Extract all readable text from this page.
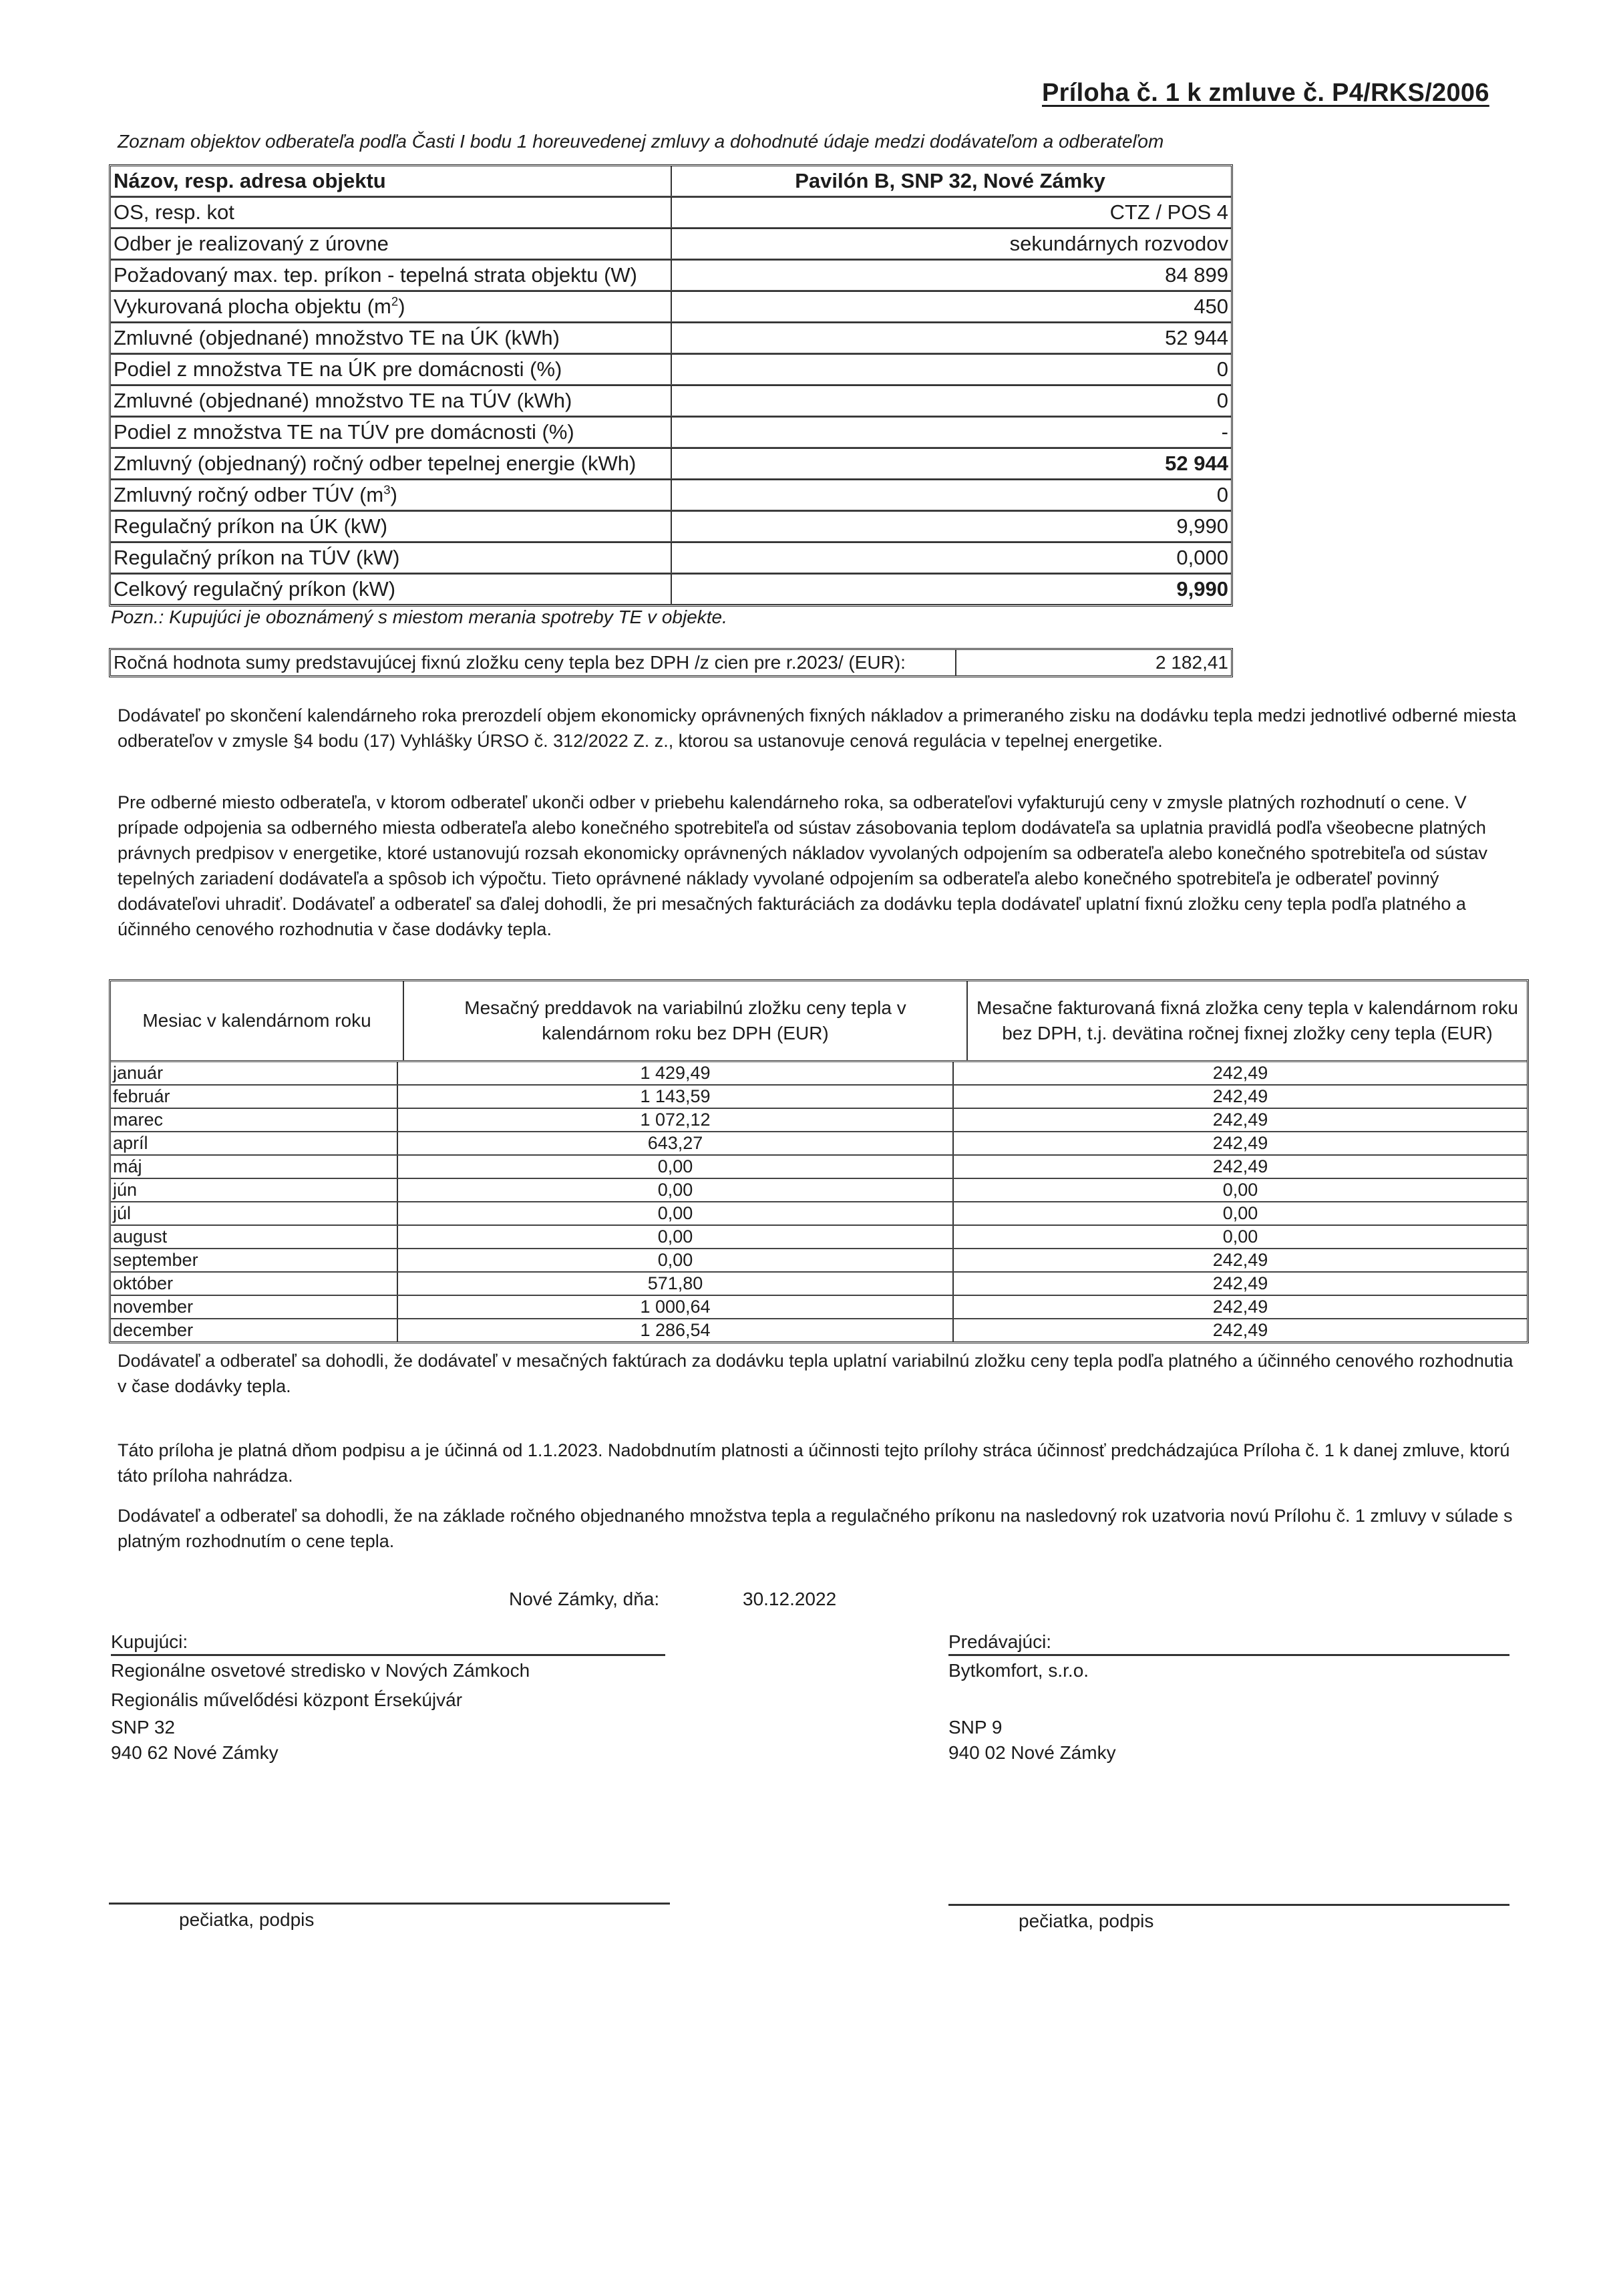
Príloha č. 1 k zmluve č. P4/RKS/2006
Zoznam objektov odberateľa podľa Časti I bodu 1 horeuvedenej zmluvy a dohodnuté údaje medzi dodávateľom a odberateľom
Názov, resp. adresa objektu	Pavilón B, SNP 32, Nové Zámky
OS, resp. kot	CTZ / POS 4
Odber je realizovaný z úrovne	sekundárnych rozvodov
Požadovaný max. tep. príkon - tepelná strata objektu (W)	84 899
Vykurovaná plocha objektu $(m^2)$	450
Zmluvné (objednané) množstvo TE na ÚK (kWh)	52 944
Podiel z množstva TE na ÚK pre domácnosti (%)	0
Zmluvné (objednané) množstvo TE na TÚV (kWh)	0
Podiel z množstva TE na TÚV pre domácnosti (%)	-
Zmluvný (objednaný) ročný odber tepelnej energie (kWh)	52 944
Zmluvný ročný odber TÚV $(m^3)$	0
Regulačný príkon na ÚK (kW)	9,990
Regulačný príkon na TÚV (kW)	0,000
Celkový regulačný príkon (kW)	9,990
Pozn.: Kupujúci je oboznámený s miestom merania spotreby TE v objekte.
Ročná hodnota sumy predstavujúcej fixnú zložku ceny tepla bez DPH /z cien pre r.2023/ (EUR):	2 182,41
Dodávateľ po skončení kalendárneho roka prerozdelí objem ekonomicky oprávnených fixných nákladov a primeraného zisku na dodávku tepla medzi jednotlivé odberné miesta odberateľov v zmysle §4 bodu (17) Vyhlášky ÚRSO č. 312/2022 Z. z., ktorou sa ustanovuje cenová regulácia v tepelnej energetike.
Pre odberné miesto odberateľa, v ktorom odberateľ ukonči odber v priebehu kalendárneho roka, sa odberateľovi vyfakturujú ceny v zmysle platných rozhodnutí o cene. V prípade odpojenia sa odberného miesta odberateľa alebo konečného spotrebiteľa od sústav zásobovania teplom dodávateľa sa uplatnia pravidlá podľa všeobecne platných právnych predpisov v energetike, ktoré ustanovujú rozsah ekonomicky oprávnených nákladov vyvolaných odpojením sa odberateľa alebo konečného spotrebiteľa od sústav tepelných zariadení dodávateľa a spôsob ich výpočtu. Tieto oprávnené náklady vyvolané odpojením sa odberateľa alebo konečného spotrebiteľa je odberateľ povinný dodávateľovi uhradiť. Dodávateľ a odberateľ sa ďalej dohodli, že pri mesačných fakturáciách za dodávku tepla dodávateľ uplatní fixnú zložku ceny tepla podľa platného a účinného cenového rozhodnutia v čase dodávky tepla.
Mesiac v kalendárnom roku
Mesačný preddavok na variabilnú zložku ceny tepla v kalendárnom roku bez DPH (EUR)
Mesačne fakturovaná fixná zložka ceny tepla v kalendárnom roku bez DPH, t.j. devätina ročnej fixnej zložky ceny tepla (EUR)
január	1 429,49	242,49
február	1 143,59	242,49
marec	1 072,12	242,49
apríl	643,27	242,49
máj	0,00	242,49
jún	0,00	0,00
júl	0,00	0,00
august	0,00	0,00
september	0,00	242,49
október	571,80	242,49
november	1 000,64	242,49
december	1 286,54	242,49
Dodávateľ a odberateľ sa dohodli, že dodávateľ v mesačných faktúrach za dodávku tepla uplatní variabilnú zložku ceny tepla podľa platného a účinného cenového rozhodnutia v čase dodávky tepla.
Táto príloha je platná dňom podpisu a je účinná od 1.1.2023. Nadobdnutím platnosti a účinnosti tejto prílohy stráca účinnosť predchádzajúca Príloha č. 1 k danej zmluve, ktorú táto príloha nahrádza.
Dodávateľ a odberateľ sa dohodli, že na základe ročného objednaného množstva tepla a regulačného príkonu na nasledovný rok uzatvoria novú Prílohu č. 1 zmluvy v súlade s platným rozhodnutím o cene tepla.
Nové Zámky, dňa:	30.12.2022
Kupujúci:
Regionálne osvetové stredisko v Nových Zámkoch
Regionális művelődési központ Érsekújvár
SNP 32
940 62 Nové Zámky
Predávajúci:
Bytkomfort, s.r.o.
SNP 9
940 02 Nové Zámky
pečiatka, podpis	pečiatka, podpis
